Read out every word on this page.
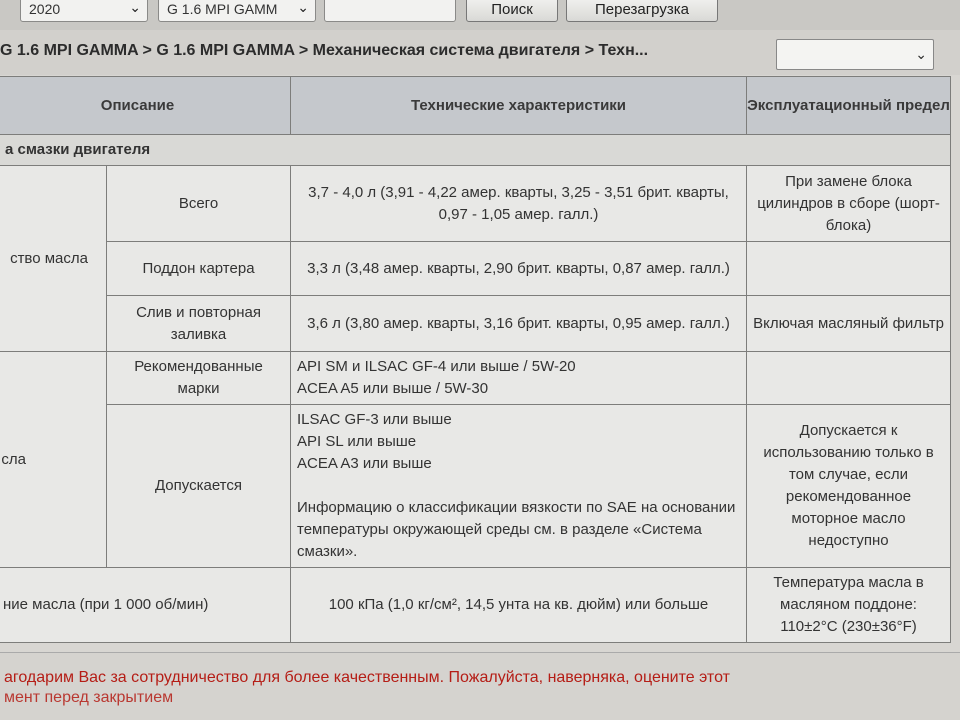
2020	⌄	G 1.6 MPI GAMM ⌄	Поиск	Перезагрузка
G 1.6 MPI GAMMA > G 1.6 MPI GAMMA > Механическая система двигателя > Техн...	⌄
Описание		Технические характеристики	Эксплуатационный предел
а смазки двигателя			
ство масла	Всего	3,7 - 4,0 л (3,91 - 4,22 амер. кварты, 3,25 - 3,51 брит. кварты, 0,97 - 1,05 амер. галл.)	При замене блока цилиндров в сборе (шорт-блока)
	Поддон картера	3,3 л (3,48 амер. кварты, 2,90 брит. кварты, 0,87 амер. галл.)	
	Слив и повторная заливка	3,6 л (3,80 амер. кварты, 3,16 брит. кварты, 0,95 амер. галл.)	Включая масляный фильтр
сла	Рекомендованные марки	API SM и ILSAC GF-4 или выше / 5W-20
ACEA A5 или выше / 5W-30	

	Допускается	ILSAC GF-3 или выше
API SL или выше
ACEA A3 или выше
Информацию о классификации вязкости по SAE на основании температуры окружающей среды см. в разделе «Система смазки».	Допускается к использованию только в том случае, если рекомендованное моторное масло недоступно
ние масла (при 1 000 об/мин)		100 кПа (1,0 кг/см², 14,5 унта на кв. дюйм) или больше	Температура масла в масляном поддоне: 110±2°C (230±36°F)
агодарим Вас за сотрудничество для более качественным. Пожалуйста, наверняка, оцените этот
мент перед закрытием
